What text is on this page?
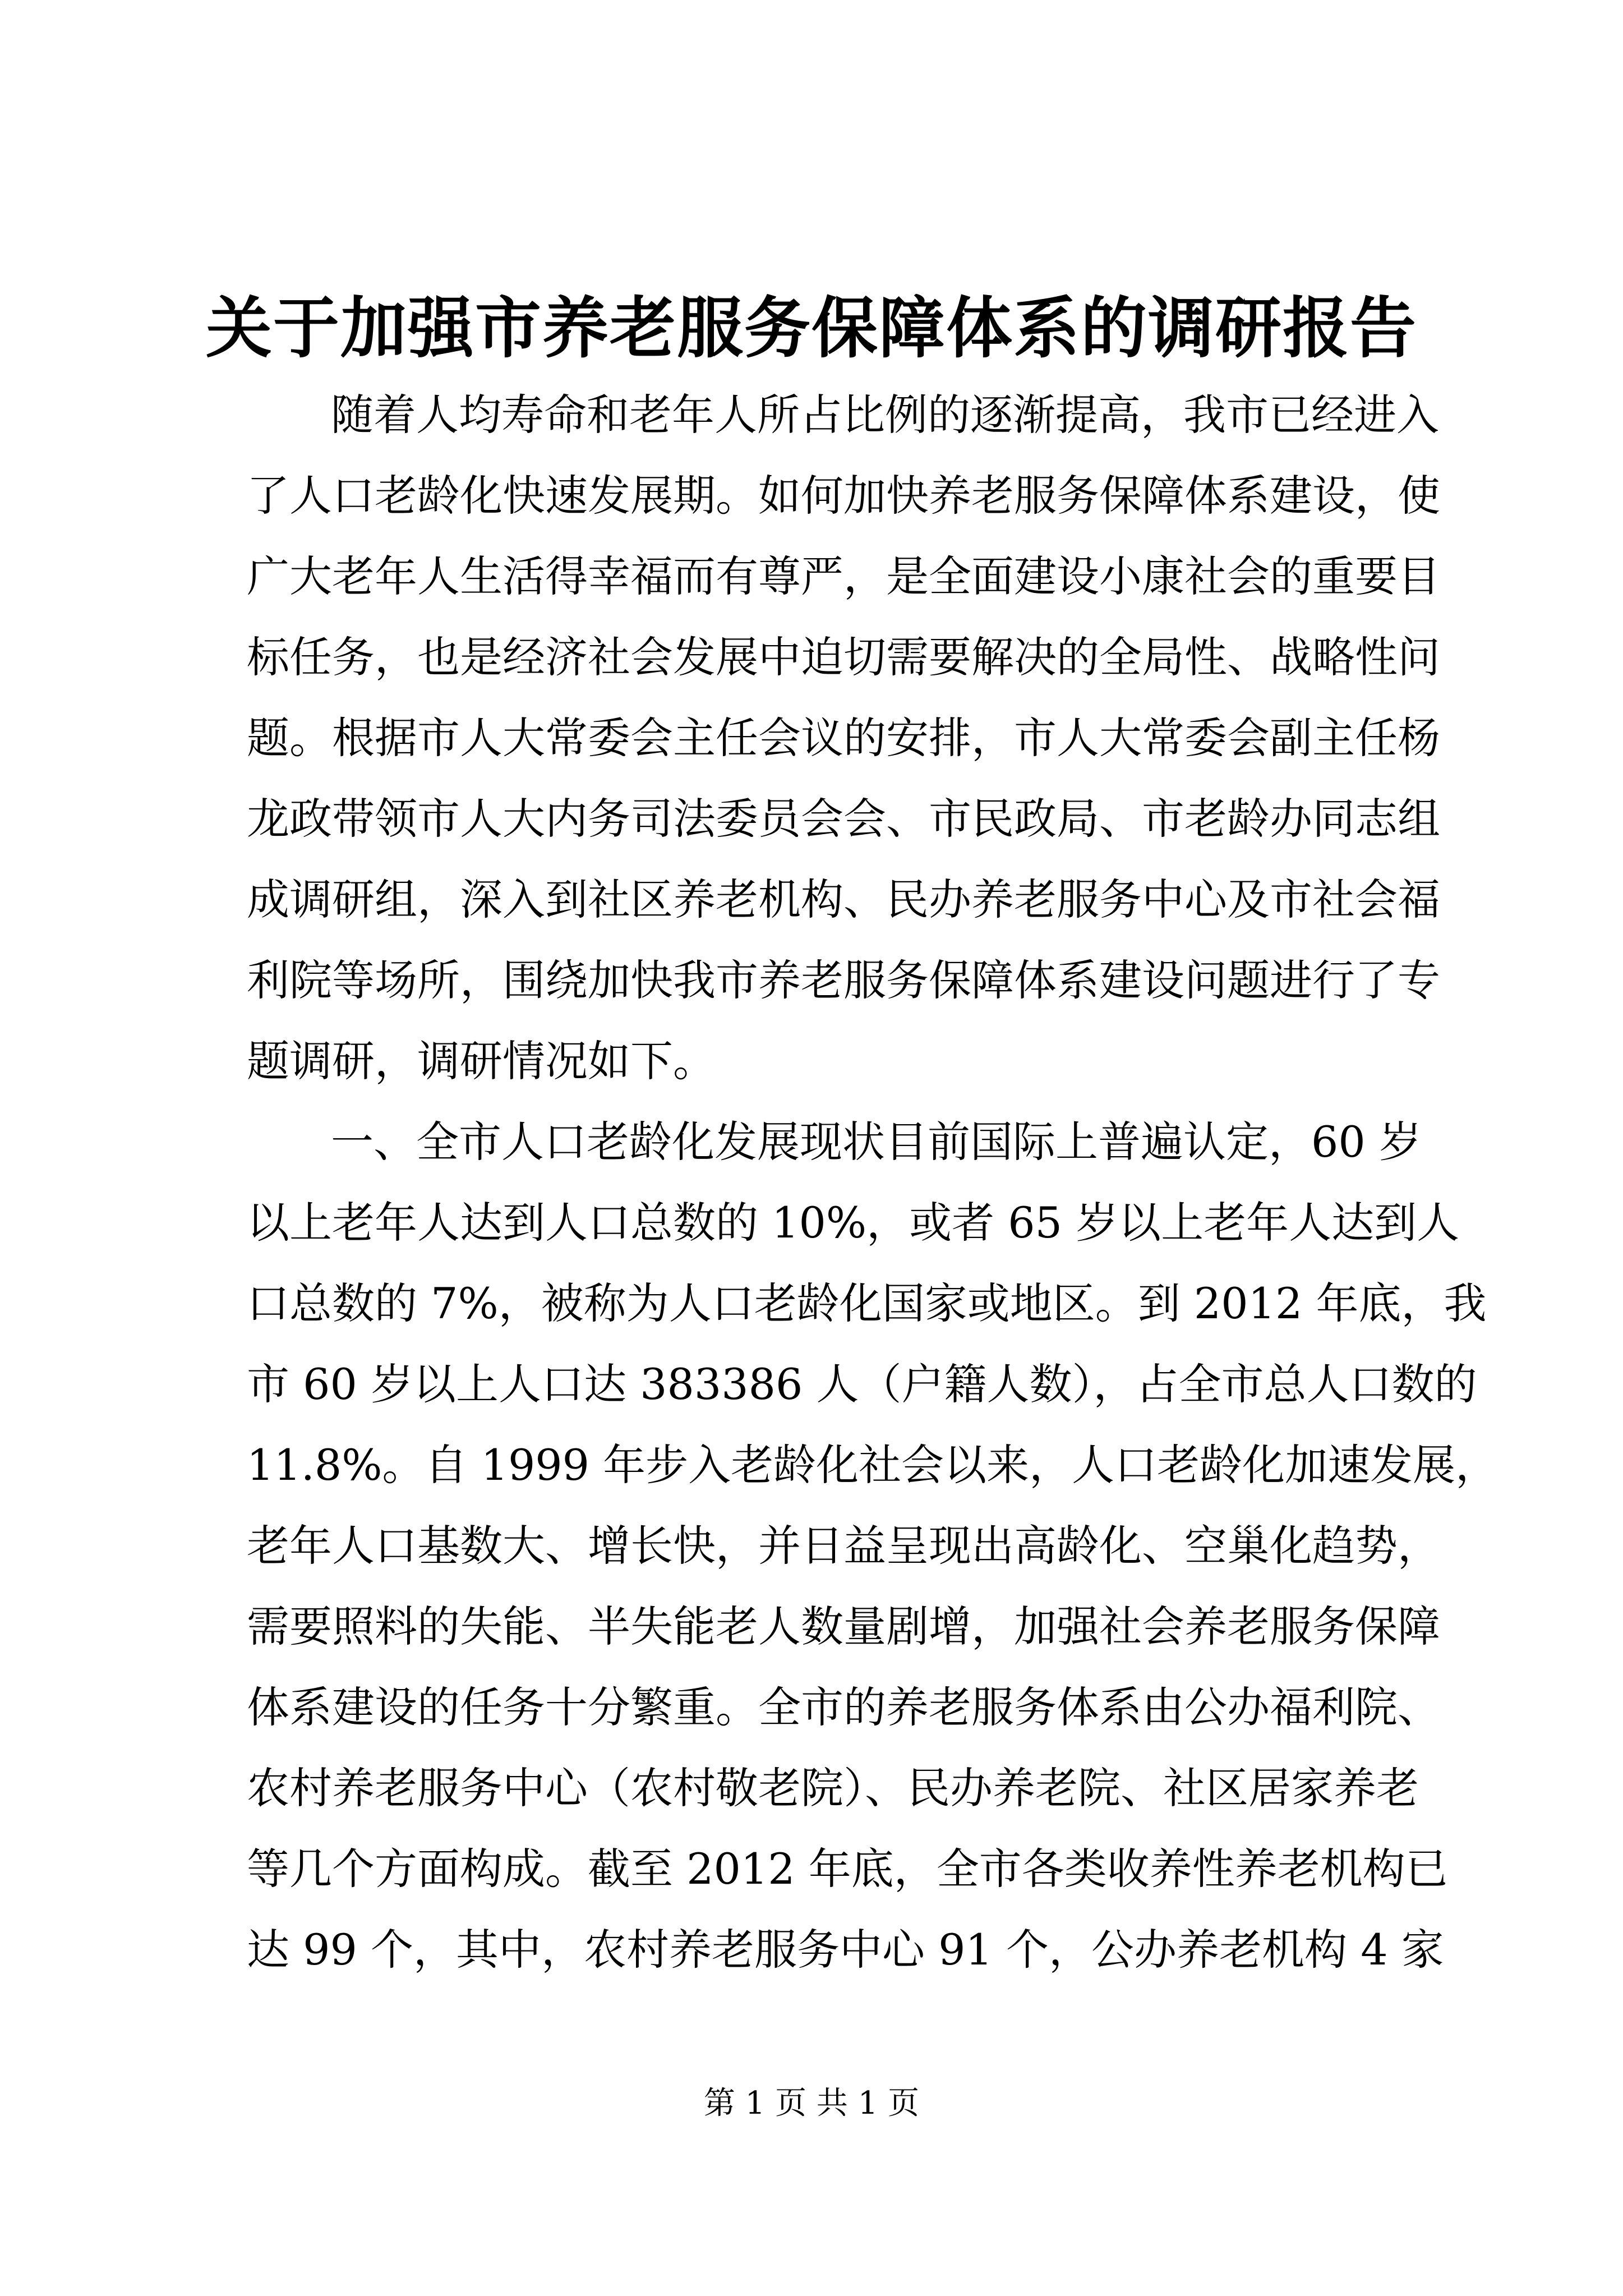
关于加强市养老服务保障体系的调研报告
随着人均寿命和老年人所占比例的逐渐提高，我市已经进入
了人口老龄化快速发展期。如何加快养老服务保障体系建设，使
广大老年人生活得幸福而有尊严，是全面建设小康社会的重要目
标任务，也是经济社会发展中迫切需要解决的全局性、战略性问
题。根据市人大常委会主任会议的安排，市人大常委会副主任杨
龙政带领市人大内务司法委员会会、市民政局、市老龄办同志组
成调研组，深入到社区养老机构、民办养老服务中心及市社会福
利院等场所，围绕加快我市养老服务保障体系建设问题进行了专
题调研，调研情况如下。
一、全市人口老龄化发展现状目前国际上普遍认定，60 岁
以上老年人达到人口总数的 10%，或者 65 岁以上老年人达到人
口总数的 7%，被称为人口老龄化国家或地区。到 2012 年底，我
市 60 岁以上人口达 383386 人（户籍人数），占全市总人口数的
11.8%。自 1999 年步入老龄化社会以来，人口老龄化加速发展，
老年人口基数大、增长快，并日益呈现出高龄化、空巢化趋势，
需要照料的失能、半失能老人数量剧增，加强社会养老服务保障
体系建设的任务十分繁重。全市的养老服务体系由公办福利院、
农村养老服务中心（农村敬老院）、民办养老院、社区居家养老
等几个方面构成。截至 2012 年底，全市各类收养性养老机构已
达 99 个，其中，农村养老服务中心 91 个，公办养老机构 4 家
第 1 页 共 1 页
